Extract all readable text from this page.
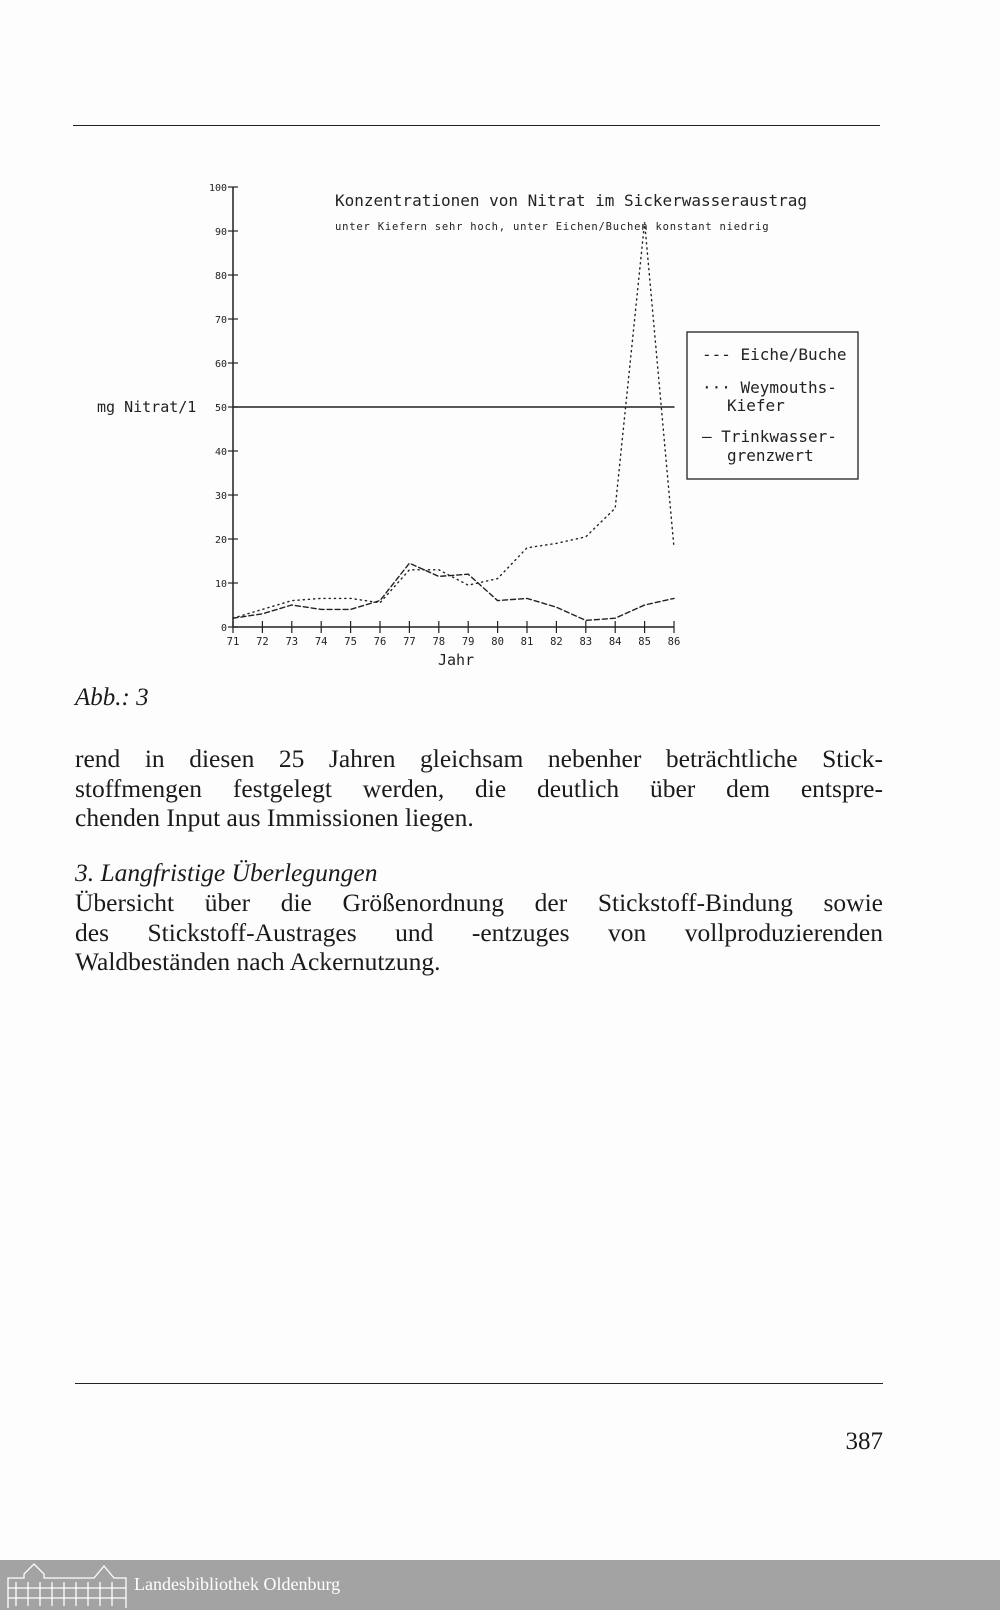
0
10
20
30
40
50
60
70
80
90
100
71 72 73 74 75 76 77 78 79 80 81 82 83 84 85 86
Konzentrationen von Nitrat im Sickerwasseraustrag
unter Kiefern sehr hoch, unter Eichen/Buchen konstant niedrig
mg Nitrat/1
Jahr
--- Eiche/Buche
··· Weymouths-
Kiefer
— Trinkwasser-
grenzwert
Abb.: 3
rend in diesen 25 Jahren gleichsam nebenher beträchtliche Stick-
stoffmengen festgelegt werden, die deutlich über dem entspre-
chenden Input aus Immissionen liegen.
3. Langfristige Überlegungen
Übersicht über die Größenordnung der Stickstoff-Bindung sowie
des Stickstoff-Austrages und -entzuges von vollproduzierenden
Waldbeständen nach Ackernutzung.
387
Landesbibliothek Oldenburg
